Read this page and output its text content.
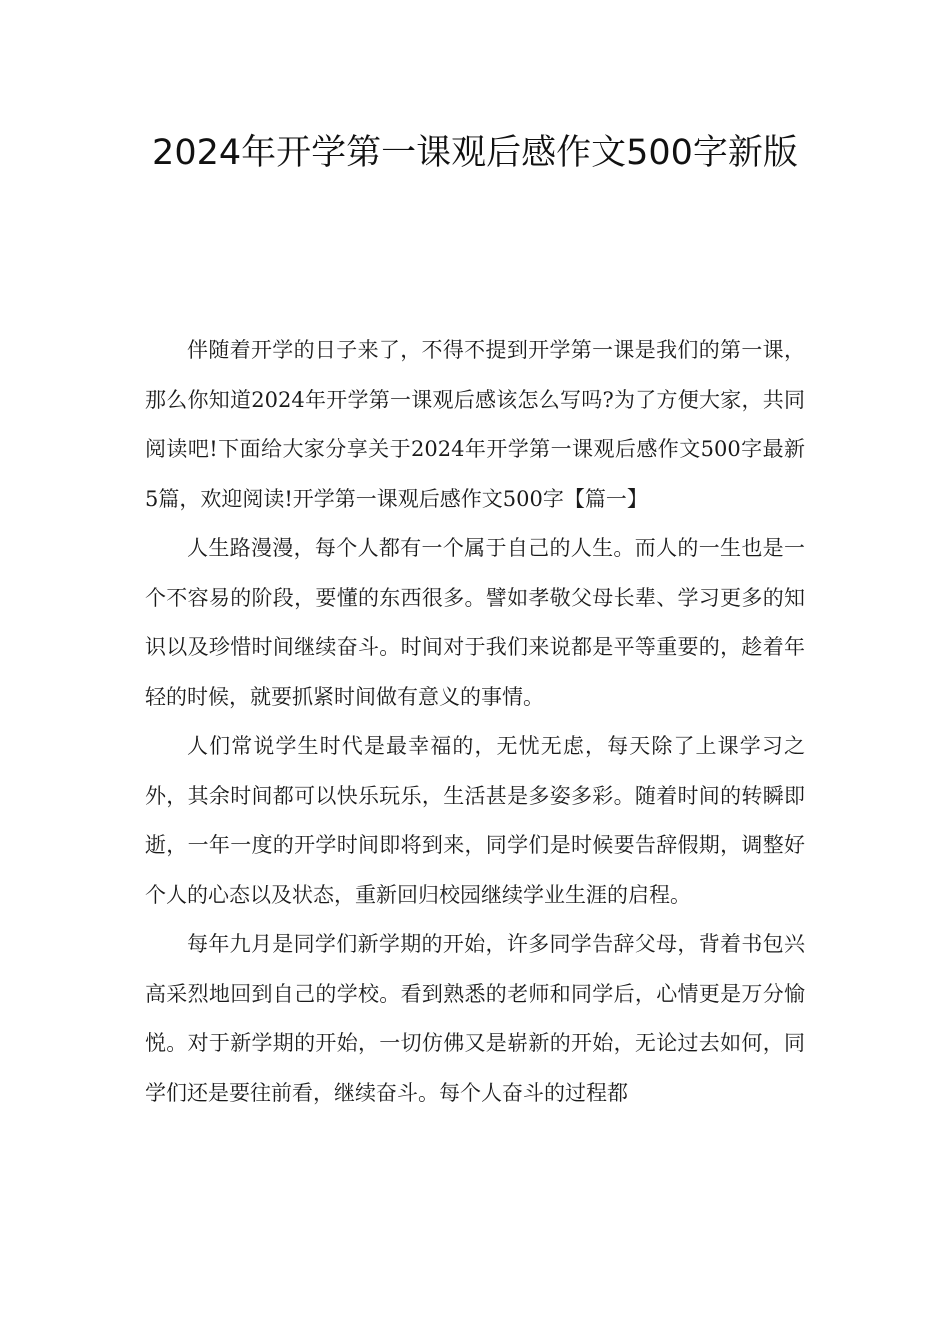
2024年开学第一课观后感作文500字新版

伴随着开学的日子来了，不得不提到开学第一课是我们的第一课，那么你知道2024年开学第一课观后感该怎么写吗?为了方便大家，共同阅读吧!下面给大家分享关于2024年开学第一课观后感作文500字最新5篇，欢迎阅读!开学第一课观后感作文500字【篇一】

人生路漫漫，每个人都有一个属于自己的人生。而人的一生也是一个不容易的阶段，要懂的东西很多。譬如孝敬父母长辈、学习更多的知识以及珍惜时间继续奋斗。时间对于我们来说都是平等重要的，趁着年轻的时候，就要抓紧时间做有意义的事情。

人们常说学生时代是最幸福的，无忧无虑，每天除了上课学习之外，其余时间都可以快乐玩乐，生活甚是多姿多彩。随着时间的转瞬即逝，一年一度的开学时间即将到来，同学们是时候要告辞假期，调整好个人的心态以及状态，重新回归校园继续学业生涯的启程。

每年九月是同学们新学期的开始，许多同学告辞父母，背着书包兴高采烈地回到自己的学校。看到熟悉的老师和同学后，心情更是万分愉悦。对于新学期的开始，一切仿佛又是崭新的开始，无论过去如何，同学们还是要往前看，继续奋斗。每个人奋斗的过程都
